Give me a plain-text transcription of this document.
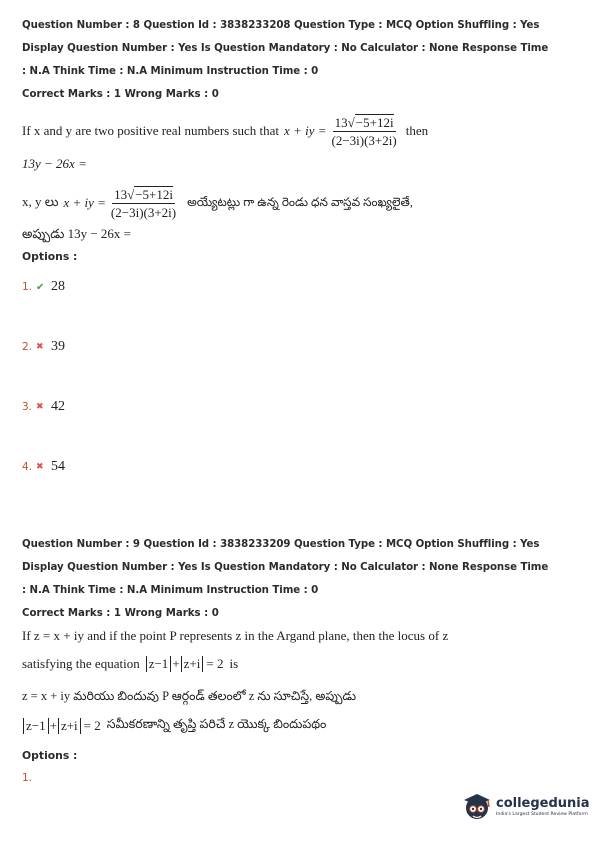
Question Number : 8 Question Id : 3838233208 Question Type : MCQ Option Shuffling : Yes
Display Question Number : Yes Is Question Mandatory : No Calculator : None Response Time
: N.A Think Time : N.A Minimum Instruction Time : 0
Correct Marks : 1 Wrong Marks : 0
If x and y are two positive real numbers such that x + iy = $\frac{13√-5+12i}{(2-3i)(3+2i)}$ then
13y − 26x =
x, y లు x + iy = $\frac{13√-5+12i}{(2-3i)(3+2i)}$ అయ్యేటట్లు గా ఉన్న రెండు ధన వాస్తవ సంఖ్యలైతే,
అప్పుడు 13y − 26x =
Options :
1. ✔ 28
2. ✖ 39
3. ✖ 42
4. ✖ 54
Question Number : 9 Question Id : 3838233209 Question Type : MCQ Option Shuffling : Yes
Display Question Number : Yes Is Question Mandatory : No Calculator : None Response Time
: N.A Think Time : N.A Minimum Instruction Time : 0
Correct Marks : 1 Wrong Marks : 0
If z = x + iy and if the point P represents z in the Argand plane, then the locus of z
satisfying the equation z−1 + z+i = 2 is
z = x + iy మరియు బిందువు P ఆర్గండ్ తలంలో z ను సూచిస్తే, అప్పుడు
z−1 + z+i = 2 సమీకరణాన్ని తృప్తి పరిచే z యొక్క బిందుపథం
Options :
1.
collegedunia
India's Largest Student Review Platform
